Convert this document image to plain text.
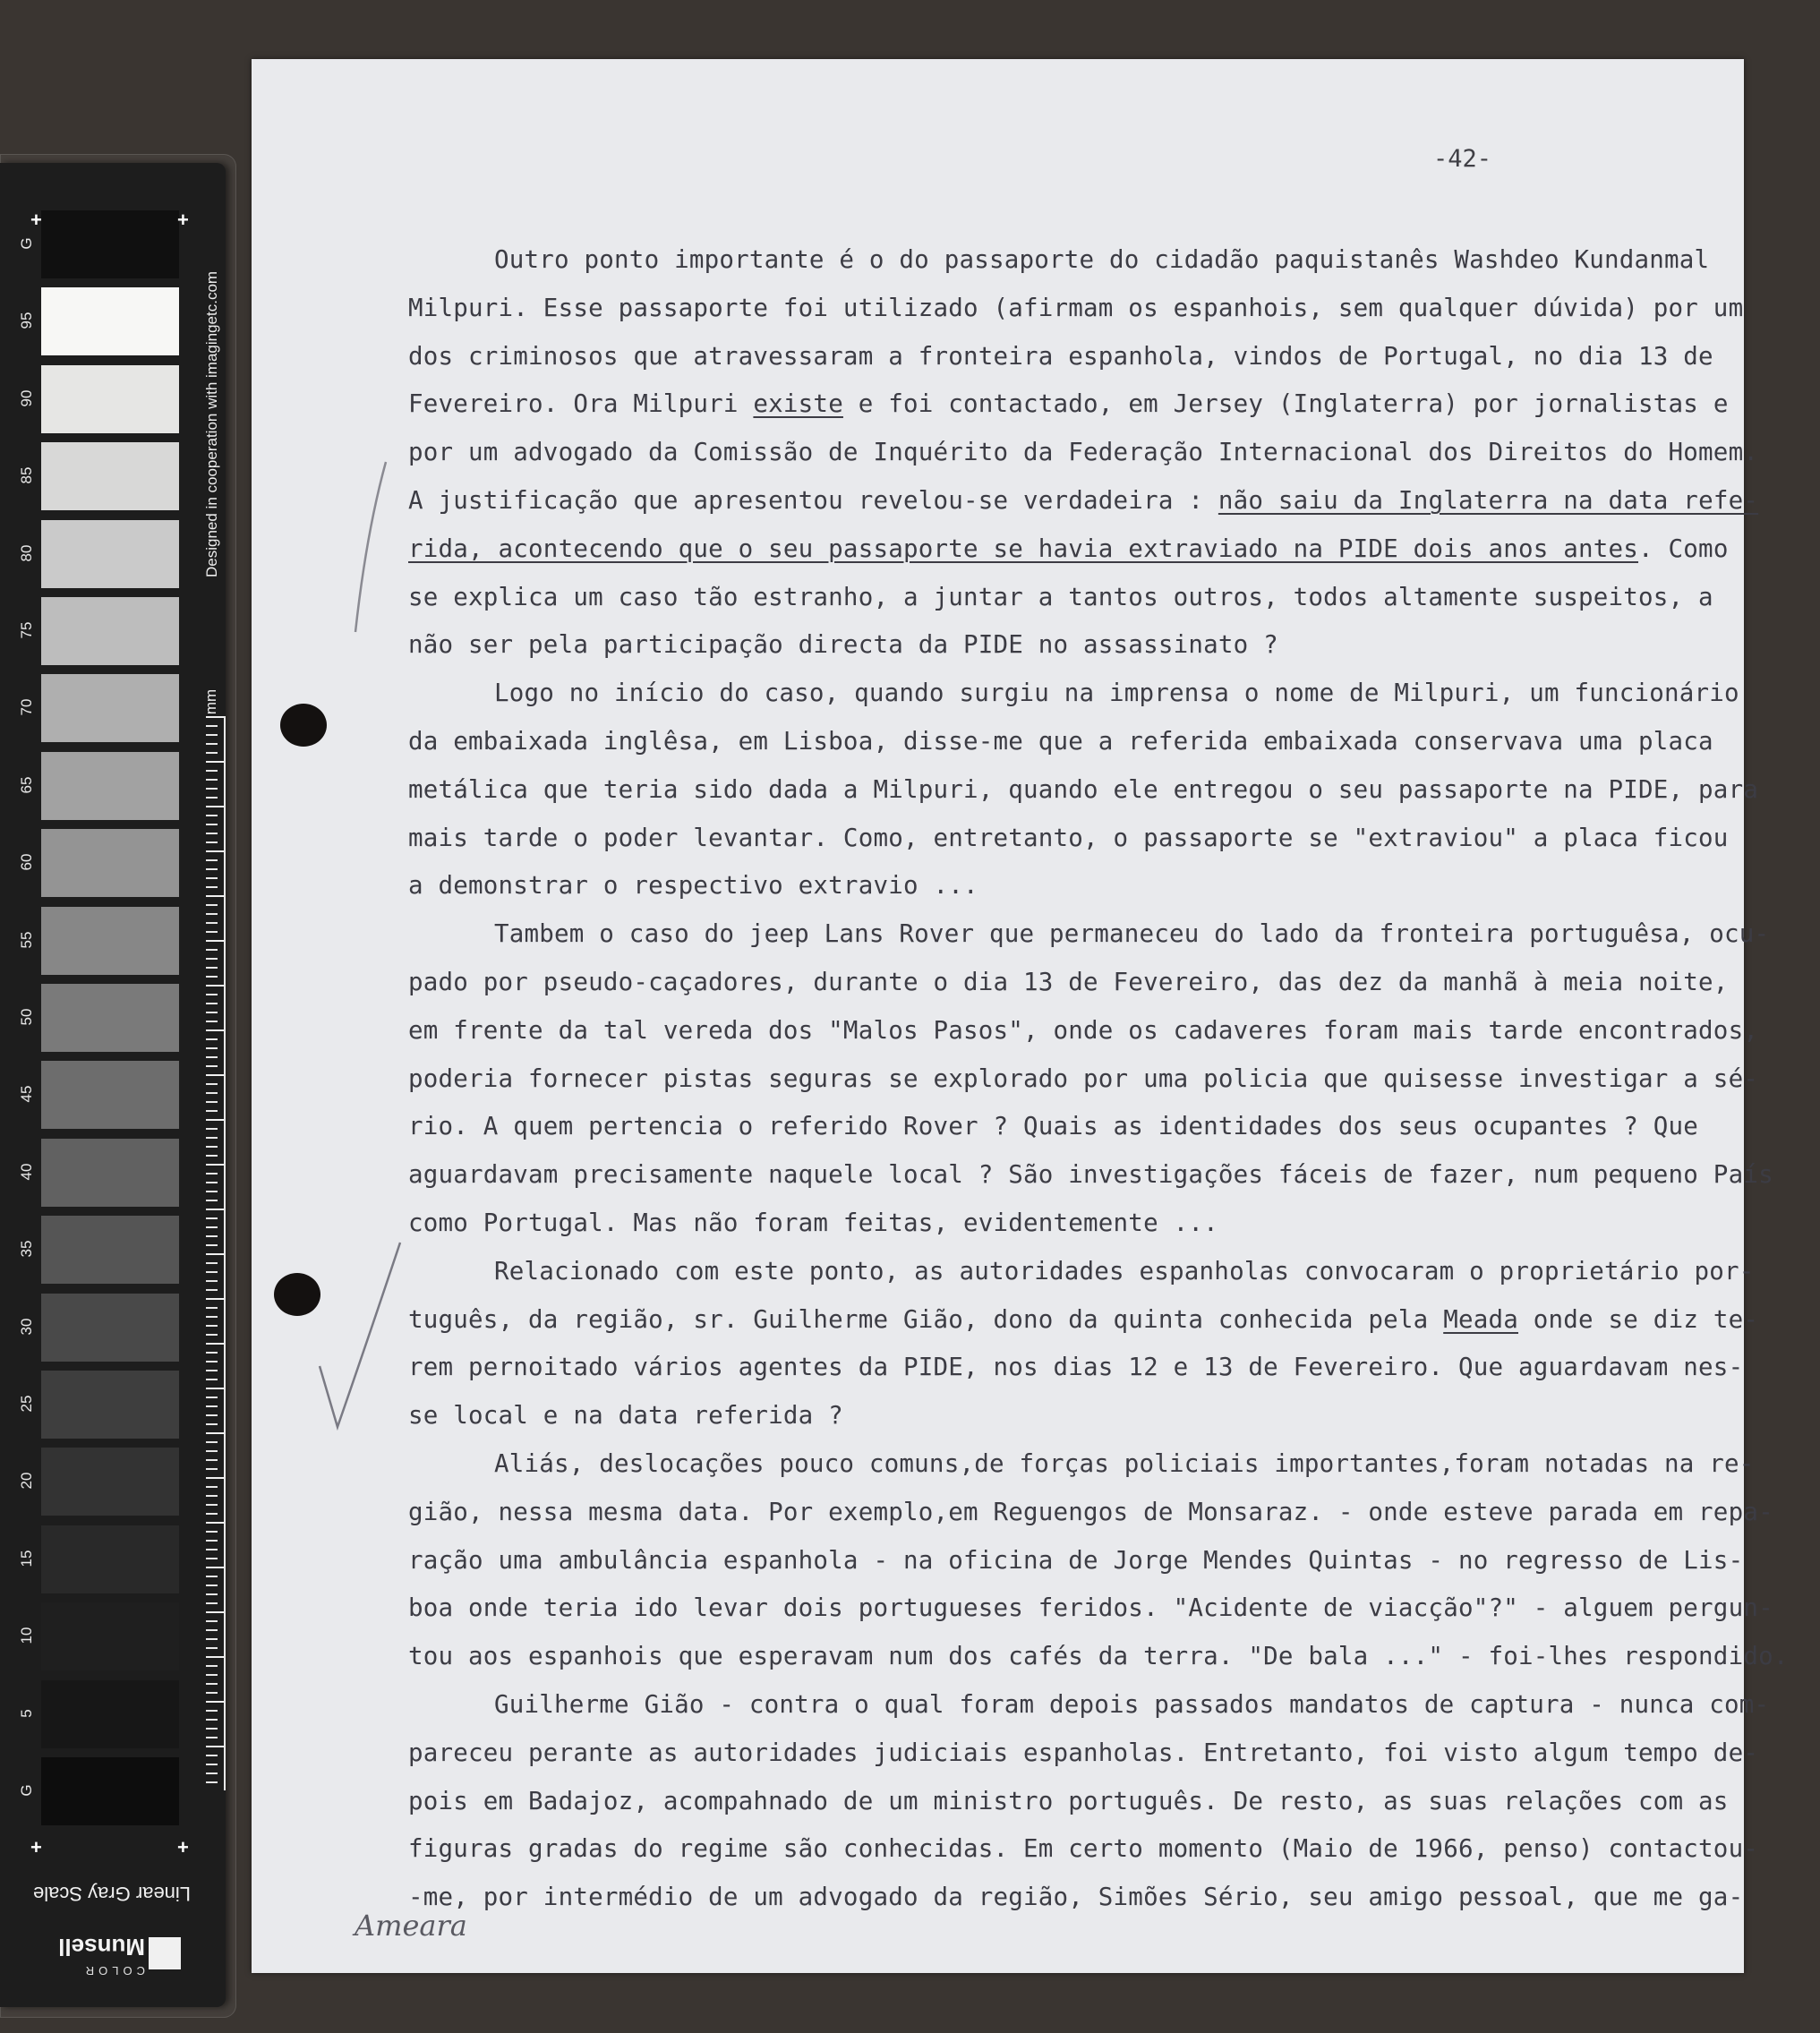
G
95
90
85
80
75
70
65
60
55
50
45
40
35
30
25
20
15
10
5
G
+	+
+	+
Designed in cooperation with imagingetc.com
mm
Linear Gray Scale
COLOR
Munsell
-42-
Outro ponto importante é o do passaporte do cidadão paquistanês Washdeo Kundanmal
Milpuri. Esse passaporte foi utilizado (afirmam os espanhois, sem qualquer dúvida) por um
dos criminosos que atravessaram a fronteira espanhola, vindos de Portugal, no dia 13 de
Fevereiro. Ora Milpuri existe e foi contactado, em Jersey (Inglaterra) por jornalistas e
por um advogado da Comissão de Inquérito da Federação Internacional dos Direitos do Homem.
A justificação que apresentou revelou-se verdadeira : não saiu da Inglaterra na data refe-
rida, acontecendo que o seu passaporte se havia extraviado na PIDE dois anos antes. Como
se explica um caso tão estranho, a juntar a tantos outros, todos altamente suspeitos, a
não ser pela participação directa da PIDE no assassinato ?
Logo no início do caso, quando surgiu na imprensa o nome de Milpuri, um funcionário
da embaixada inglêsa, em Lisboa, disse-me que a referida embaixada conservava uma placa
metálica que teria sido dada a Milpuri, quando ele entregou o seu passaporte na PIDE, para
mais tarde o poder levantar. Como, entretanto, o passaporte se "extraviou" a placa ficou
a demonstrar o respectivo extravio ...
Tambem o caso do jeep Lans Rover que permaneceu do lado da fronteira portuguêsa, ocu-
pado por pseudo-caçadores, durante o dia 13 de Fevereiro, das dez da manhã à meia noite,
em frente da tal vereda dos "Malos Pasos", onde os cadaveres foram mais tarde encontrados,
poderia fornecer pistas seguras se explorado por uma policia que quisesse investigar a sé-
rio. A quem pertencia o referido Rover ? Quais as identidades dos seus ocupantes ? Que
aguardavam precisamente naquele local ? São investigações fáceis de fazer, num pequeno País
como Portugal. Mas não foram feitas, evidentemente ...
Relacionado com este ponto, as autoridades espanholas convocaram o proprietário por-
tuguês, da região, sr. Guilherme Gião, dono da quinta conhecida pela Meada onde se diz te-
rem pernoitado vários agentes da PIDE, nos dias 12 e 13 de Fevereiro. Que aguardavam nes-
se local e na data referida ?
Aliás, deslocações pouco comuns,de forças policiais importantes,foram notadas na re-
gião, nessa mesma data. Por exemplo,em Reguengos de Monsaraz. - onde esteve parada em repa-
ração uma ambulância espanhola - na oficina de Jorge Mendes Quintas - no regresso de Lis-
boa onde teria ido levar dois portugueses feridos. "Acidente de viacção"?" - alguem pergun-
tou aos espanhois que esperavam num dos cafés da terra. "De bala ..." - foi-lhes respondido.
Guilherme Gião - contra o qual foram depois passados mandatos de captura - nunca com-
pareceu perante as autoridades judiciais espanholas. Entretanto, foi visto algum tempo de-
pois em Badajoz, acompahnado de um ministro português. De resto, as suas relações com as
figuras gradas do regime são conhecidas. Em certo momento (Maio de 1966, penso) contactou-
-me, por intermédio de um advogado da região, Simões Sério, seu amigo pessoal, que me ga-
Ameara
